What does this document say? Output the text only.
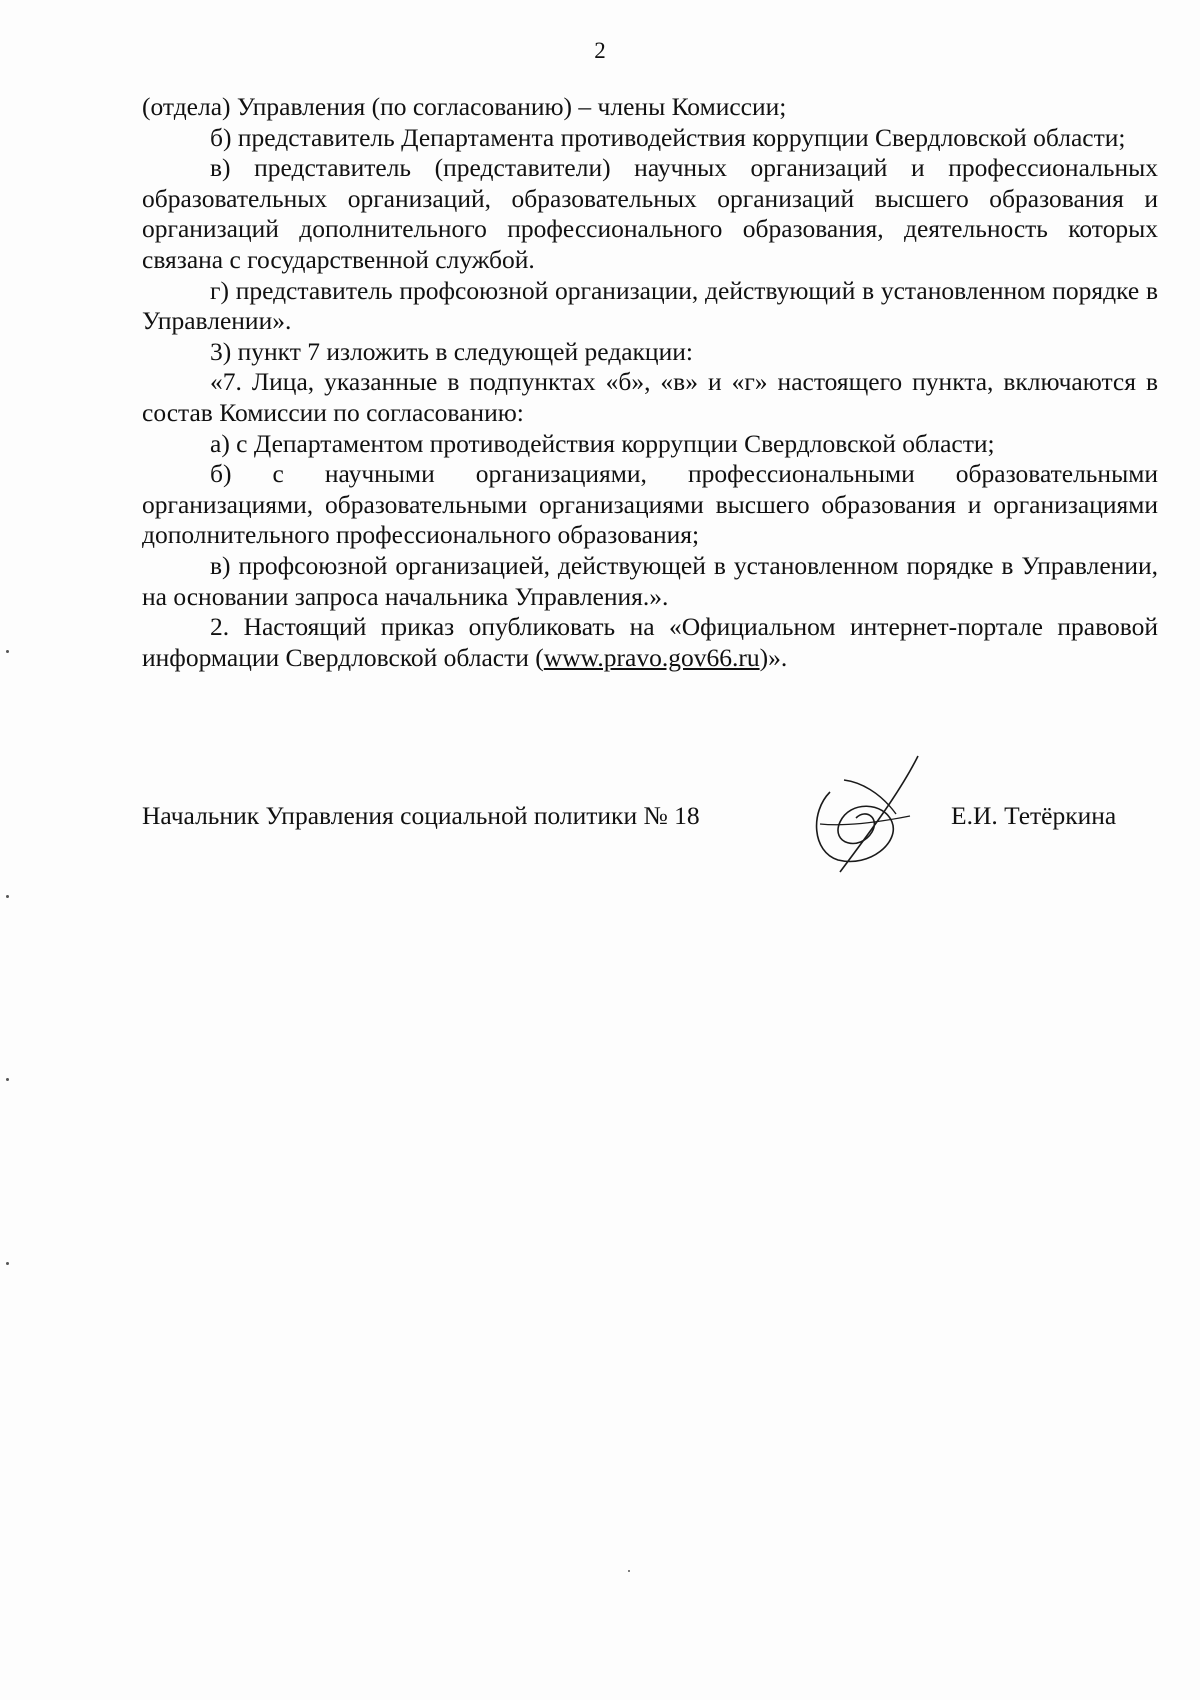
2

(отдела) Управления (по согласованию) – члены Комиссии;

б) представитель Департамента противодействия коррупции Свердловской области;

в) представитель (представители) научных организаций и профессиональных образовательных организаций, образовательных организаций высшего образования и организаций дополнительного профессионального образования, деятельность которых связана с государственной службой.

г) представитель профсоюзной организации, действующий в установленном порядке в Управлении».

3) пункт 7 изложить в следующей редакции:

«7. Лица, указанные в подпунктах «б», «в» и «г» настоящего пункта, включаются в состав Комиссии по согласованию:

а) с Департаментом противодействия коррупции Свердловской области;

б) с научными организациями, профессиональными образовательными организациями, образовательными организациями высшего образования и организациями дополнительного профессионального образования;

в) профсоюзной организацией, действующей в установленном порядке в Управлении, на основании запроса начальника Управления.».

2. Настоящий приказ опубликовать на «Официальном интернет-портале правовой информации Свердловской области (www.pravo.gov66.ru)».

Начальник Управления социальной политики № 18	Е.И. Тетёркина
